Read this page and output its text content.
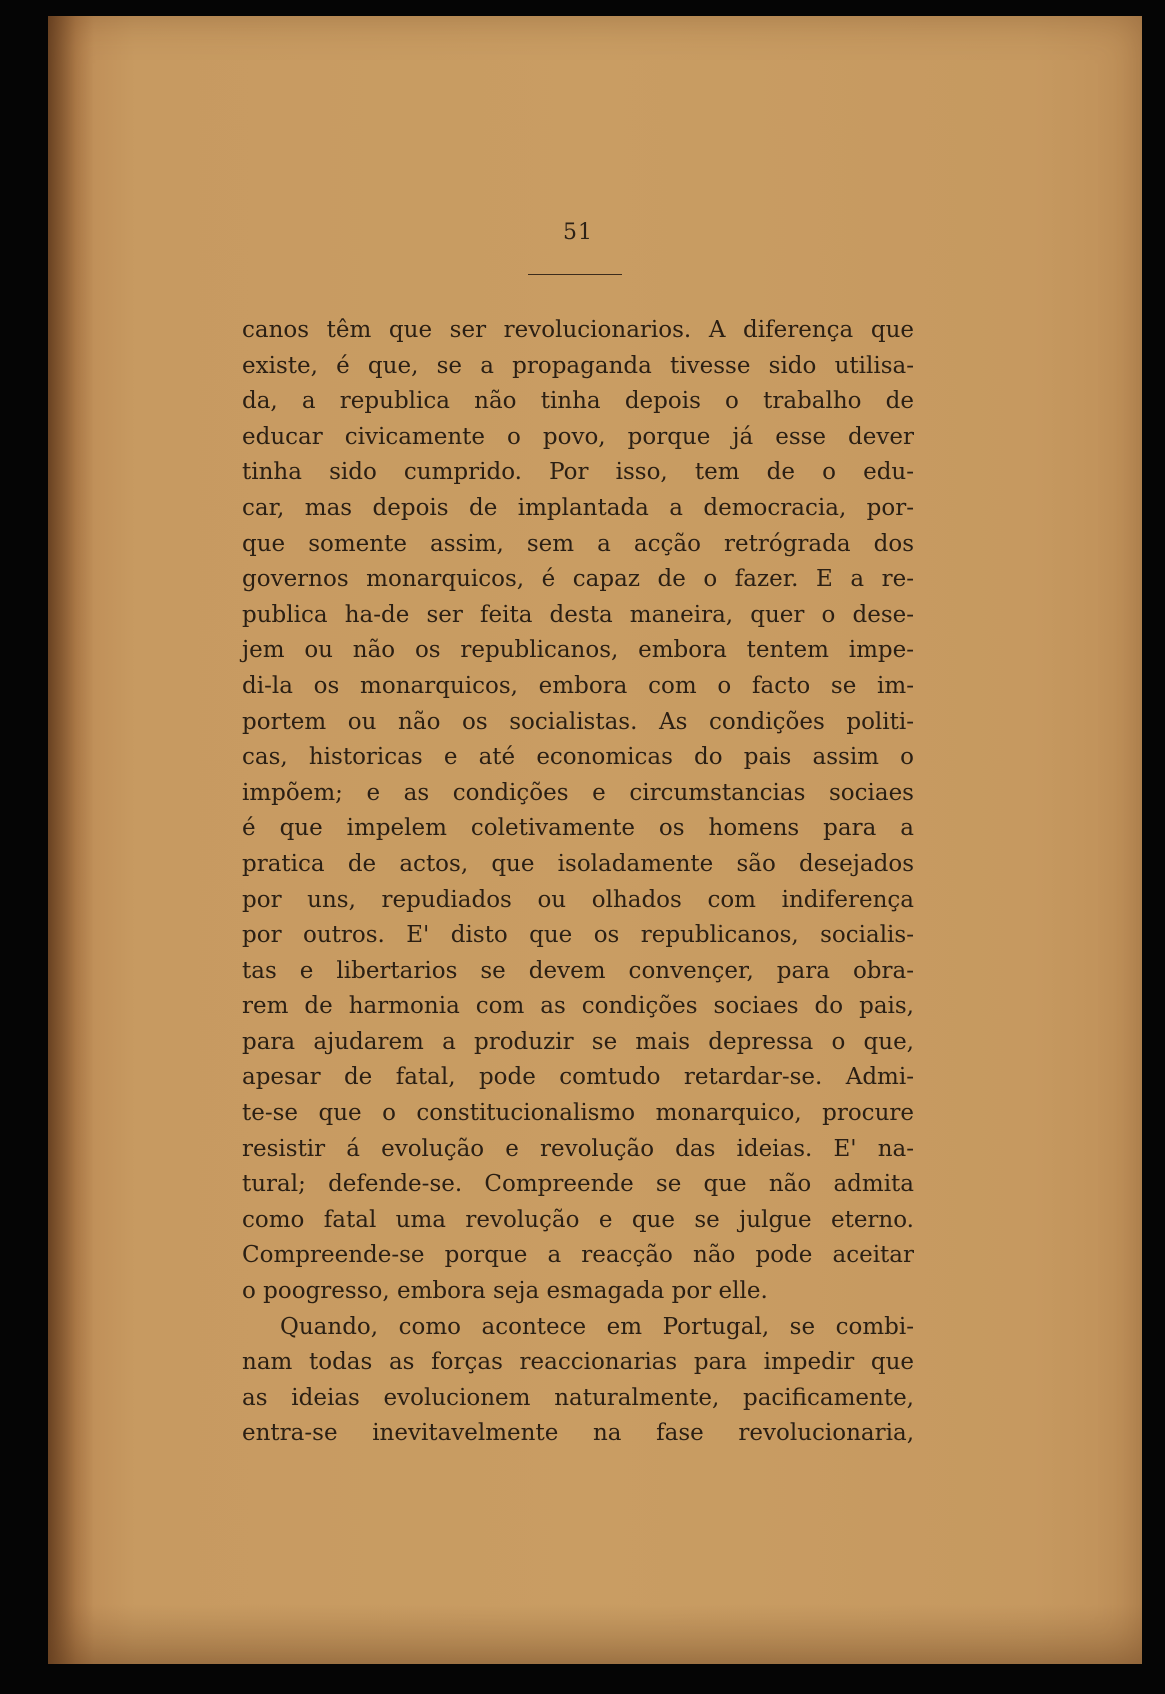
51
canos têm que ser revolucionarios. A diferença que
existe, é que, se a propaganda tivesse sido utilisa-
da, a republica não tinha depois o trabalho de
educar civicamente o povo, porque já esse dever
tinha sido cumprido. Por isso, tem de o edu-
car, mas depois de implantada a democracia, por-
que somente assim, sem a acção retrógrada dos
governos monarquicos, é capaz de o fazer. E a re-
publica ha-de ser feita desta maneira, quer o dese-
jem ou não os republicanos, embora tentem impe-
di-la os monarquicos, embora com o facto se im-
portem ou não os socialistas. As condições politi-
cas, historicas e até economicas do pais assim o
impõem; e as condições e circumstancias sociaes
é que impelem coletivamente os homens para a
pratica de actos, que isoladamente são desejados
por uns, repudiados ou olhados com indiferença
por outros. E' disto que os republicanos, socialis-
tas e libertarios se devem convençer, para obra-
rem de harmonia com as condições sociaes do pais,
para ajudarem a produzir se mais depressa o que,
apesar de fatal, pode comtudo retardar-se. Admi-
te-se que o constitucionalismo monarquico, procure
resistir á evolução e revolução das ideias. E' na-
tural; defende-se. Compreende se que não admita
como fatal uma revolução e que se julgue eterno.
Compreende-se porque a reacção não pode aceitar
o poogresso, embora seja esmagada por elle.
Quando, como acontece em Portugal, se combi-
nam todas as forças reaccionarias para impedir que
as ideias evolucionem naturalmente, pacificamente,
entra-se inevitavelmente na fase revolucionaria,
